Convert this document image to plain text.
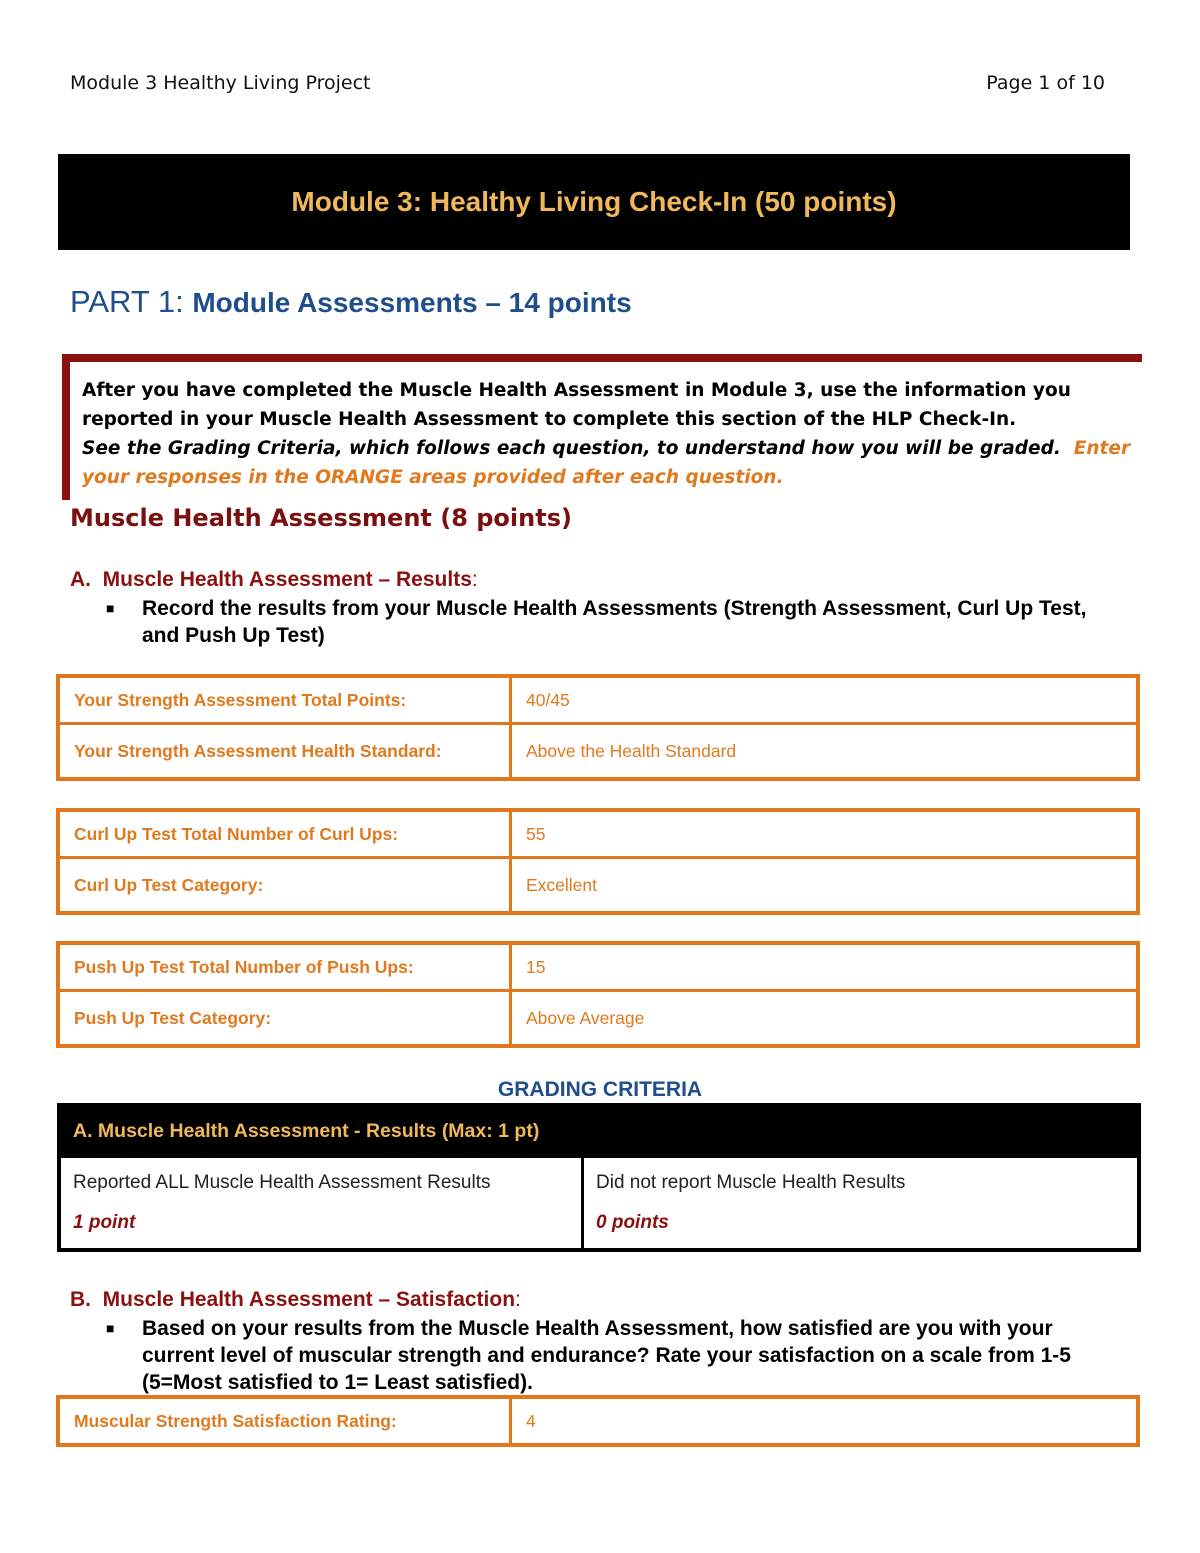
Module 3 Healthy Living Project	Page 1 of 10
Module 3: Healthy Living Check-In (50 points)
PART 1: Module Assessments – 14 points
After you have completed the Muscle Health Assessment in Module 3, use the information you reported in your Muscle Health Assessment to complete this section of the HLP Check-In.
See the Grading Criteria, which follows each question, to understand how you will be graded. Enter your responses in the ORANGE areas provided after each question.
Muscle Health Assessment (8 points)
A. Muscle Health Assessment – Results:
■ Record the results from your Muscle Health Assessments (Strength Assessment, Curl Up Test, and Push Up Test)
Your Strength Assessment Total Points:	40/45
Your Strength Assessment Health Standard:	Above the Health Standard
Curl Up Test Total Number of Curl Ups:	55
Curl Up Test Category:	Excellent
Push Up Test Total Number of Push Ups:	15
Push Up Test Category:	Above Average
GRADING CRITERIA
A. Muscle Health Assessment - Results (Max: 1 pt)

Reported ALL Muscle Health Assessment Results
1 point

Did not report Muscle Health Results
0 points
B. Muscle Health Assessment – Satisfaction:
■ Based on your results from the Muscle Health Assessment, how satisfied are you with your current level of muscular strength and endurance? Rate your satisfaction on a scale from 1-5 (5=Most satisfied to 1= Least satisfied).
Muscular Strength Satisfaction Rating:	4
